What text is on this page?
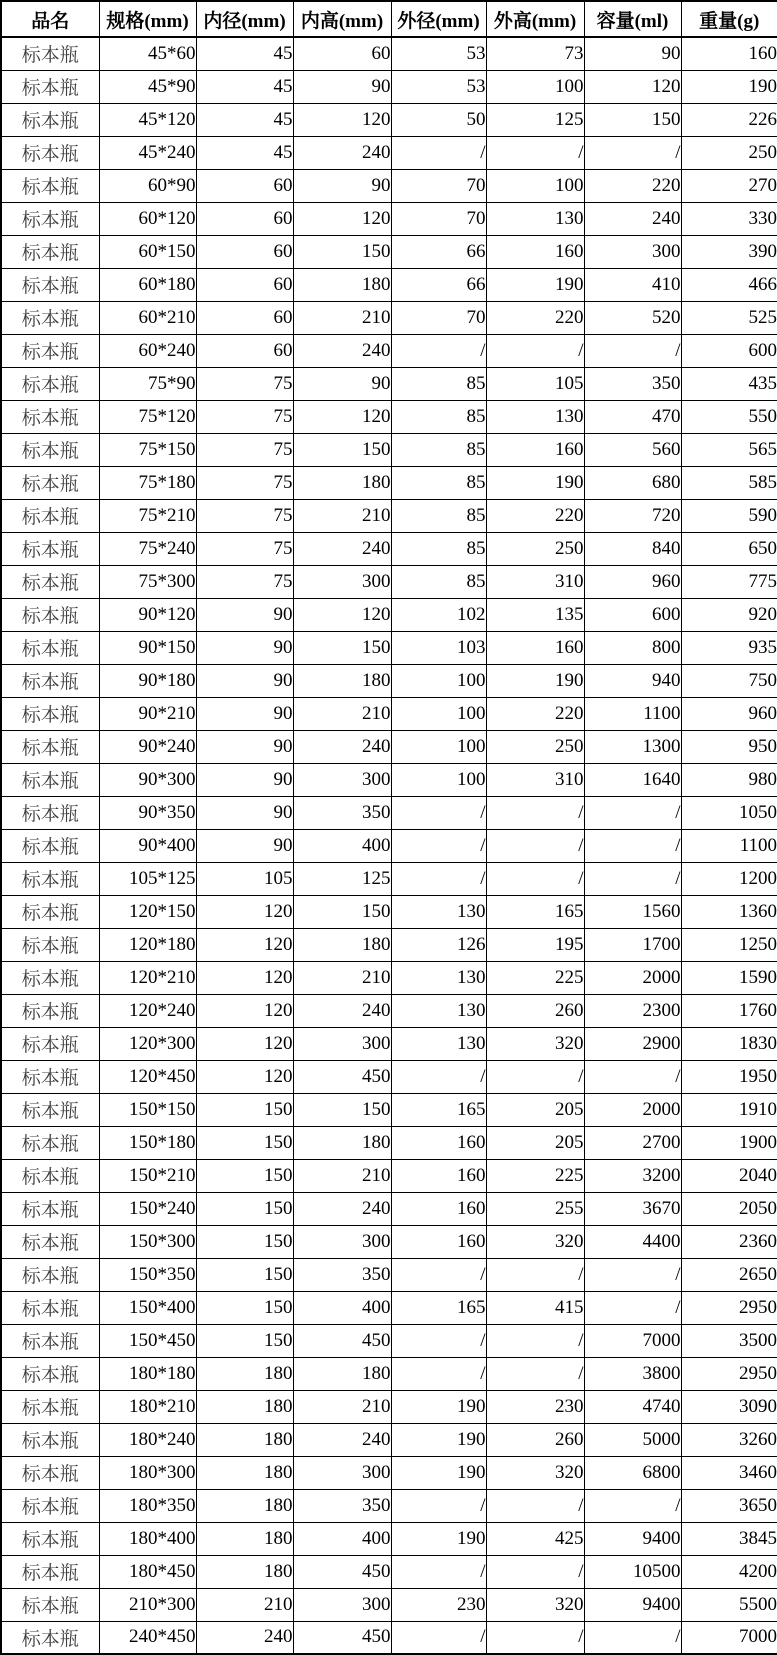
品名	规格(mm)	内径(mm)	内高(mm)	外径(mm)	外高(mm)	容量(ml)	重量(g)
标本瓶	45*60	45	60	53	73	90	160
标本瓶	45*90	45	90	53	100	120	190
标本瓶	45*120	45	120	50	125	150	226
标本瓶	45*240	45	240	/	/	/	250
标本瓶	60*90	60	90	70	100	220	270
标本瓶	60*120	60	120	70	130	240	330
标本瓶	60*150	60	150	66	160	300	390
标本瓶	60*180	60	180	66	190	410	466
标本瓶	60*210	60	210	70	220	520	525
标本瓶	60*240	60	240	/	/	/	600
标本瓶	75*90	75	90	85	105	350	435
标本瓶	75*120	75	120	85	130	470	550
标本瓶	75*150	75	150	85	160	560	565
标本瓶	75*180	75	180	85	190	680	585
标本瓶	75*210	75	210	85	220	720	590
标本瓶	75*240	75	240	85	250	840	650
标本瓶	75*300	75	300	85	310	960	775
标本瓶	90*120	90	120	102	135	600	920
标本瓶	90*150	90	150	103	160	800	935
标本瓶	90*180	90	180	100	190	940	750
标本瓶	90*210	90	210	100	220	1100	960
标本瓶	90*240	90	240	100	250	1300	950
标本瓶	90*300	90	300	100	310	1640	980
标本瓶	90*350	90	350	/	/	/	1050
标本瓶	90*400	90	400	/	/	/	1100
标本瓶	105*125	105	125	/	/	/	1200
标本瓶	120*150	120	150	130	165	1560	1360
标本瓶	120*180	120	180	126	195	1700	1250
标本瓶	120*210	120	210	130	225	2000	1590
标本瓶	120*240	120	240	130	260	2300	1760
标本瓶	120*300	120	300	130	320	2900	1830
标本瓶	120*450	120	450	/	/	/	1950
标本瓶	150*150	150	150	165	205	2000	1910
标本瓶	150*180	150	180	160	205	2700	1900
标本瓶	150*210	150	210	160	225	3200	2040
标本瓶	150*240	150	240	160	255	3670	2050
标本瓶	150*300	150	300	160	320	4400	2360
标本瓶	150*350	150	350	/	/	/	2650
标本瓶	150*400	150	400	165	415	/	2950
标本瓶	150*450	150	450	/	/	7000	3500
标本瓶	180*180	180	180	/	/	3800	2950
标本瓶	180*210	180	210	190	230	4740	3090
标本瓶	180*240	180	240	190	260	5000	3260
标本瓶	180*300	180	300	190	320	6800	3460
标本瓶	180*350	180	350	/	/	/	3650
标本瓶	180*400	180	400	190	425	9400	3845
标本瓶	180*450	180	450	/	/	10500	4200
标本瓶	210*300	210	300	230	320	9400	5500
标本瓶	240*450	240	450	/	/	/	7000
